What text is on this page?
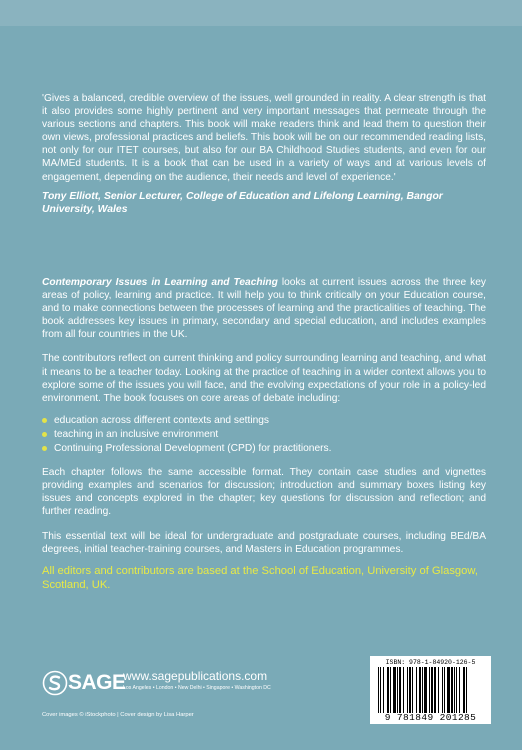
'Gives a balanced, credible overview of the issues, well grounded in reality. A clear strength is that it also provides some highly pertinent and very important messages that permeate through the various sections and chapters. This book will make readers think and lead them to question their own views, professional practices and beliefs. This book will be on our recommended reading lists, not only for our ITET courses, but also for our BA Childhood Studies students, and even for our MA/MEd students. It is a book that can be used in a variety of ways and at various levels of engagement, depending on the audience, their needs and level of experience.'

Tony Elliott, Senior Lecturer, College of Education and Lifelong Learning, Bangor University, Wales

Contemporary Issues in Learning and Teaching looks at current issues across the three key areas of policy, learning and practice. It will help you to think critically on your Education course, and to make connections between the processes of learning and the practicalities of teaching. The book addresses key issues in primary, secondary and special education, and includes examples from all four countries in the UK.

The contributors reflect on current thinking and policy surrounding learning and teaching, and what it means to be a teacher today. Looking at the practice of teaching in a wider context allows you to explore some of the issues you will face, and the evolving expectations of your role in a policy-led environment. The book focuses on core areas of debate including:

education across different contexts and settings
teaching in an inclusive environment
Continuing Professional Development (CPD) for practitioners.

Each chapter follows the same accessible format. They contain case studies and vignettes providing examples and scenarios for discussion; introduction and summary boxes listing key issues and concepts explored in the chapter; key questions for discussion and reflection; and further reading.

This essential text will be ideal for undergraduate and postgraduate courses, including BEd/BA degrees, initial teacher-training courses, and Masters in Education programmes.

All editors and contributors are based at the School of Education, University of Glasgow, Scotland, UK.
SAGE
www.sagepublications.com
Los Angeles • London • New Delhi • Singapore • Washington DC
Cover images © iStockphoto | Cover design by Lisa Harper
ISBN: 978-1-84920-126-5
9 781849 201285
